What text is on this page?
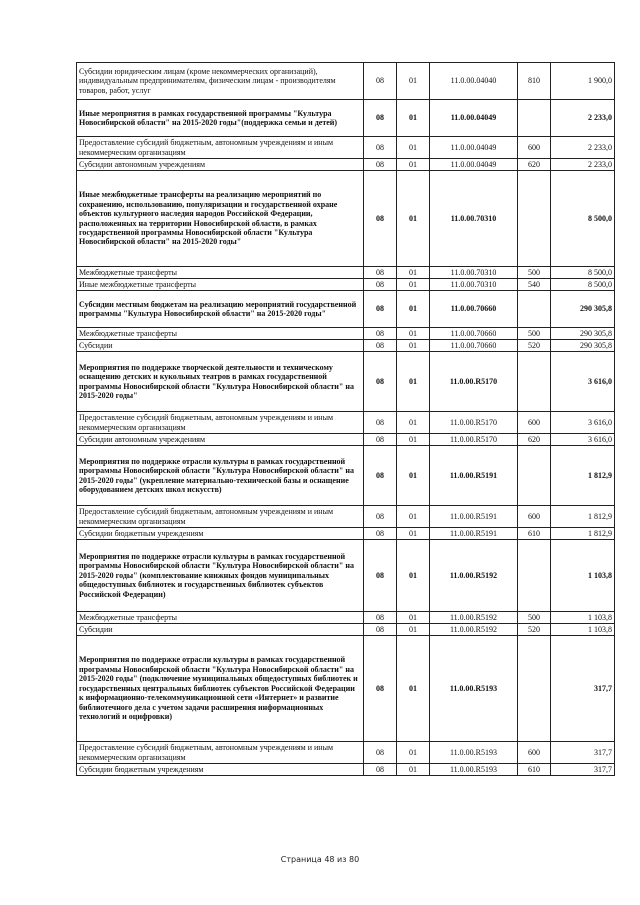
Субсидии юридическим лицам (кроме некоммерческих организаций), индивидуальным предпринимателям, физическим лицам - производителям товаров, работ, услуг	08	01	11.0.00.04040	810	1 900,0
Иные мероприятия в рамках государственной программы "Культура Новосибирской области" на 2015-2020 годы"(поддержка семьи и детей)	08	01	11.0.00.04049		2 233,0
Предоставление субсидий бюджетным, автономным учреждениям и иным некоммерческим организациям	08	01	11.0.00.04049	600	2 233,0
Субсидии автономным учреждениям	08	01	11.0.00.04049	620	2 233,0
Иные межбюджетные трансферты на реализацию мероприятий по сохранению, использованию, популяризации и государственной охране объектов культурного наследия народов Российской Федерации, расположенных на территории Новосибирской области, в рамках государственной программы Новосибирской области "Культура Новосибирской области" на 2015-2020 годы"	08	01	11.0.00.70310		8 500,0
Межбюджетные трансферты	08	01	11.0.00.70310	500	8 500,0
Иные межбюджетные трансферты	08	01	11.0.00.70310	540	8 500,0
Субсидии местным бюджетам на реализацию мероприятий государственной программы "Культура Новосибирской области" на 2015-2020 годы"	08	01	11.0.00.70660		290 305,8
Межбюджетные трансферты	08	01	11.0.00.70660	500	290 305,8
Субсидии	08	01	11.0.00.70660	520	290 305,8
Мероприятия по поддержке творческой деятельности и техническому оснащению детских и кукольных театров в рамках государственной программы Новосибирской области "Культура Новосибирской области" на 2015-2020 годы"	08	01	11.0.00.R5170		3 616,0
Предоставление субсидий бюджетным, автономным учреждениям и иным некоммерческим организациям	08	01	11.0.00.R5170	600	3 616,0
Субсидии автономным учреждениям	08	01	11.0.00.R5170	620	3 616,0
Мероприятия по поддержке отрасли культуры в рамках государственной программы Новосибирской области "Культура Новосибирской области" на 2015-2020 годы" (укрепление материально-технической базы и оснащение оборудованием детских школ искусств)	08	01	11.0.00.R5191		1 812,9
Предоставление субсидий бюджетным, автономным учреждениям и иным некоммерческим организациям	08	01	11.0.00.R5191	600	1 812,9
Субсидии бюджетным учреждениям	08	01	11.0.00.R5191	610	1 812,9
Мероприятия по поддержке отрасли культуры в рамках государственной программы Новосибирской области "Культура Новосибирской области" на 2015-2020 годы" (комплектование книжных фондов муниципальных общедоступных библиотек и государственных библиотек субъектов Российской Федерации)	08	01	11.0.00.R5192		1 103,8
Межбюджетные трансферты	08	01	11.0.00.R5192	500	1 103,8
Субсидии	08	01	11.0.00.R5192	520	1 103,8
Мероприятия по поддержке отрасли культуры в рамках государственной программы Новосибирской области "Культура Новосибирской области" на 2015-2020 годы" (подключение муниципальных общедоступных библиотек и государственных центральных библиотек субъектов Российской Федерации к информационно-телекоммуникационной сети «Интернет» и развитие библиотечного дела с учетом задачи расширения информационных технологий и оцифровки)	08	01	11.0.00.R5193		317,7
Предоставление субсидий бюджетным, автономным учреждениям и иным некоммерческим организациям	08	01	11.0.00.R5193	600	317,7
Субсидии бюджетным учреждениям	08	01	11.0.00.R5193	610	317,7
Страница 48 из 80
